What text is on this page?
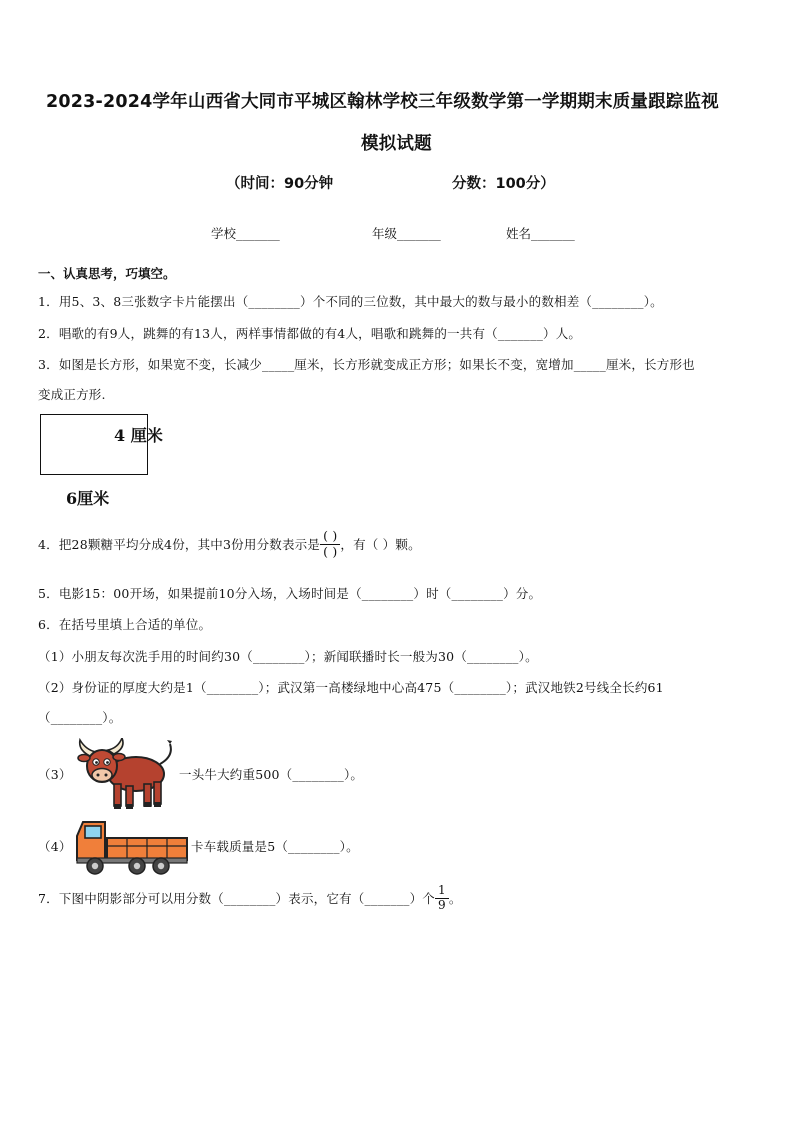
2023-2024学年山西省大同市平城区翰林学校三年级数学第一学期期末质量跟踪监视
模拟试题
（时间：90分钟	分数：100分）
学校_______	年级_______	姓名_______
一、认真思考，巧填空。
1．用5、3、8三张数字卡片能摆出（________）个不同的三位数，其中最大的数与最小的数相差（________）。
2．唱歌的有9人，跳舞的有13人，两样事情都做的有4人，唱歌和跳舞的一共有（_______）人。
3．如图是长方形，如果宽不变，长减少_____厘米，长方形就变成正方形；如果长不变，宽增加_____厘米，长方形也
变成正方形.
4 厘米
6厘米
4．把28颗糖平均分成4份，其中3份用分数表示是 $\frac{( )}{( )}$ ，有（ ）颗。
5．电影15：00开场，如果提前10分入场，入场时间是（________）时（________）分。
6．在括号里填上合适的单位。
（1）小朋友每次洗手用的时间约30（________）；新闻联播时长一般为30（________）。
（2）身份证的厚度大约是1（________）；武汉第一高楼绿地中心高475（________）；武汉地铁2号线全长约61
（________）。
（3）	一头牛大约重500（________）。
（4）	卡车载质量是5（________）。
7．下图中阴影部分可以用分数（________）表示，它有（_______）个 $\frac{1}{9}$ 。
